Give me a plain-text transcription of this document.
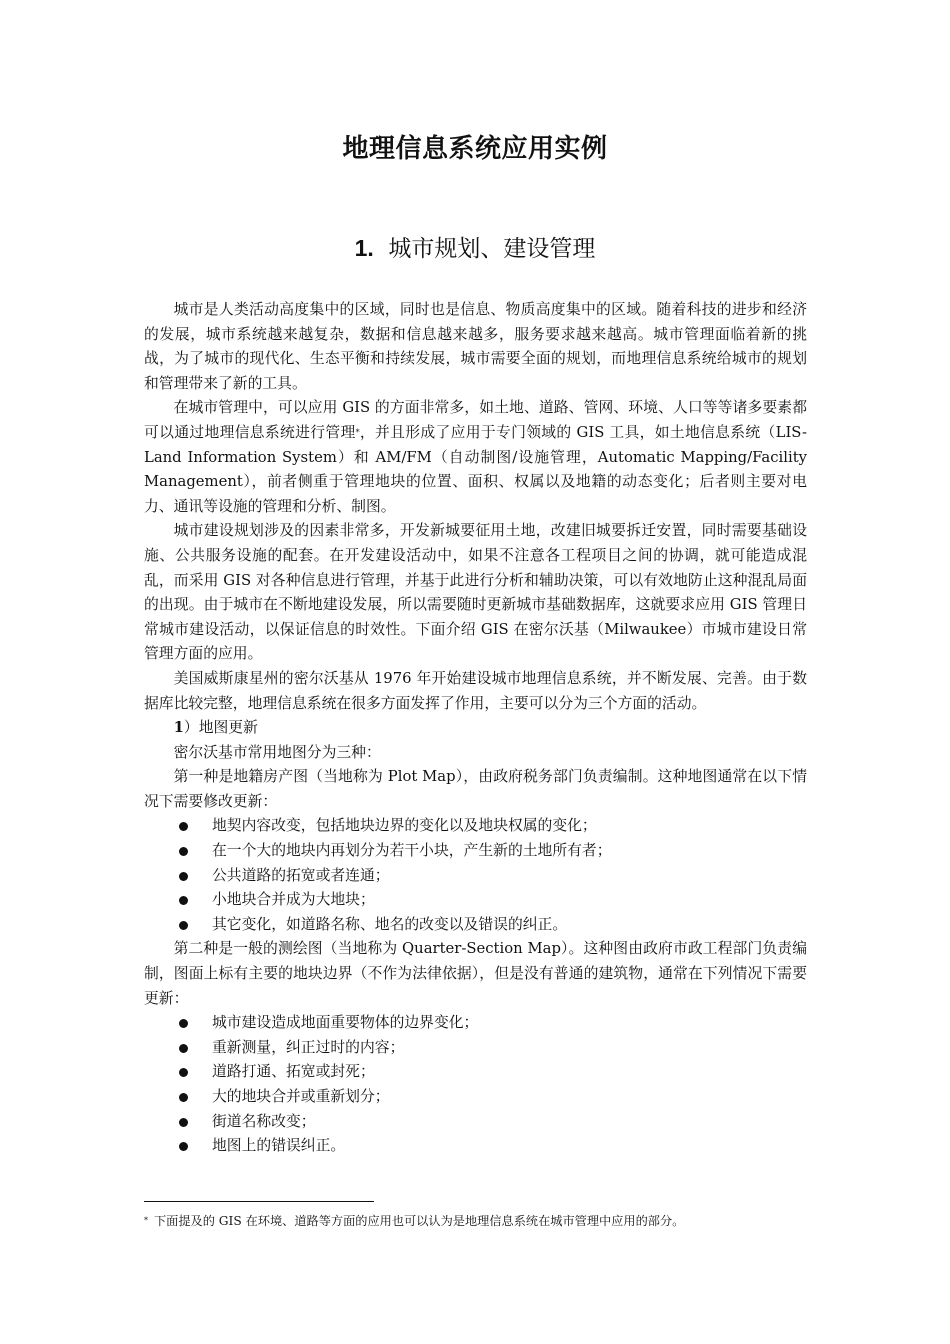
地理信息系统应用实例
1. 城市规划、建设管理

城市是人类活动高度集中的区域，同时也是信息、物质高度集中的区域。随着科技的进步和经济的发展，城市系统越来越复杂，数据和信息越来越多，服务要求越来越高。城市管理面临着新的挑战，为了城市的现代化、生态平衡和持续发展，城市需要全面的规划，而地理信息系统给城市的规划和管理带来了新的工具。

在城市管理中，可以应用 GIS 的方面非常多，如土地、道路、管网、环境、人口等等诸多要素都可以通过地理信息系统进行管理*，并且形成了应用于专门领域的 GIS 工具，如土地信息系统（LIS-Land Information System）和 AM/FM（自动制图/设施管理，Automatic Mapping/Facility Management），前者侧重于管理地块的位置、面积、权属以及地籍的动态变化；后者则主要对电力、通讯等设施的管理和分析、制图。

城市建设规划涉及的因素非常多，开发新城要征用土地，改建旧城要拆迁安置，同时需要基础设施、公共服务设施的配套。在开发建设活动中，如果不注意各工程项目之间的协调，就可能造成混乱，而采用 GIS 对各种信息进行管理，并基于此进行分析和辅助决策，可以有效地防止这种混乱局面的出现。由于城市在不断地建设发展，所以需要随时更新城市基础数据库，这就要求应用 GIS 管理日常城市建设活动，以保证信息的时效性。下面介绍 GIS 在密尔沃基（Milwaukee）市城市建设日常管理方面的应用。

美国威斯康星州的密尔沃基从 1976 年开始建设城市地理信息系统，并不断发展、完善。由于数据库比较完整，地理信息系统在很多方面发挥了作用，主要可以分为三个方面的活动。

1）地图更新

密尔沃基市常用地图分为三种：

第一种是地籍房产图（当地称为 Plot Map），由政府税务部门负责编制。这种地图通常在以下情况下需要修改更新：

地契内容改变，包括地块边界的变化以及地块权属的变化；
在一个大的地块内再划分为若干小块，产生新的土地所有者；
公共道路的拓宽或者连通；
小地块合并成为大地块；
其它变化，如道路名称、地名的改变以及错误的纠正。

第二种是一般的测绘图（当地称为 Quarter-Section Map）。这种图由政府市政工程部门负责编制，图面上标有主要的地块边界（不作为法律依据），但是没有普通的建筑物，通常在下列情况下需要更新：

城市建设造成地面重要物体的边界变化；
重新测量，纠正过时的内容；
道路打通、拓宽或封死；
大的地块合并或重新划分；
街道名称改变；
地图上的错误纠正。
* 下面提及的 GIS 在环境、道路等方面的应用也可以认为是地理信息系统在城市管理中应用的部分。
